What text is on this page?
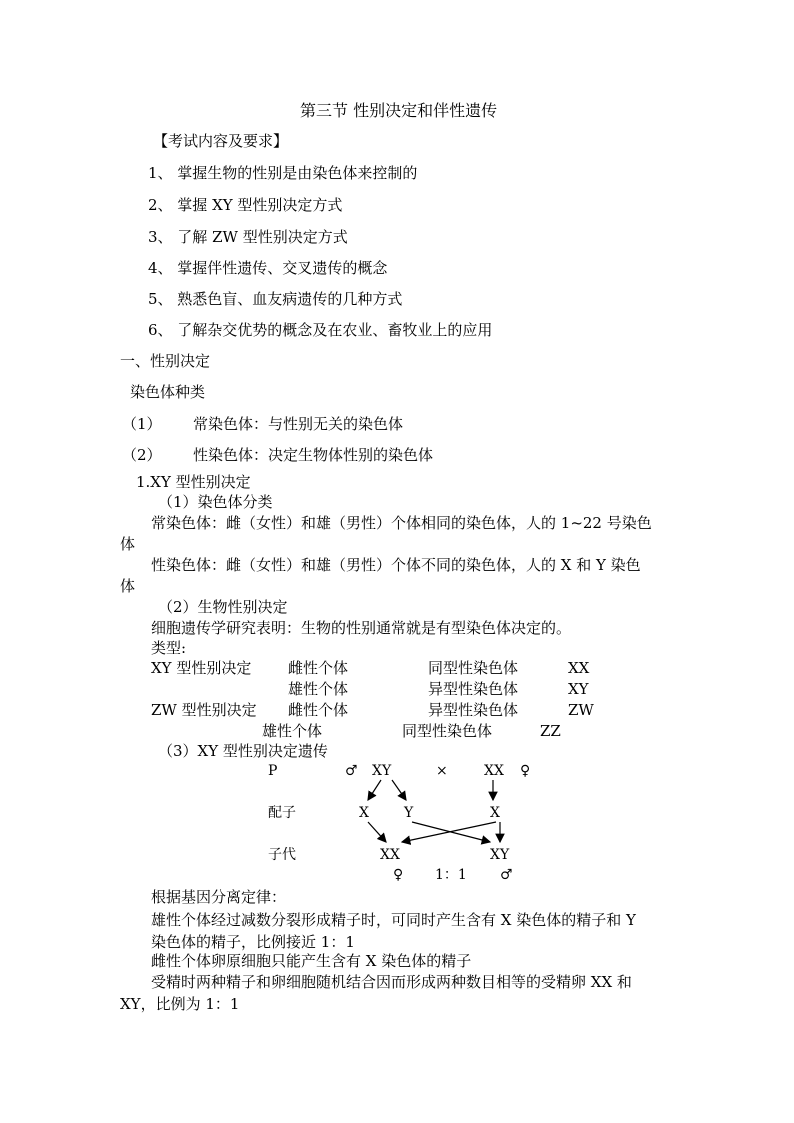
第三节 性别决定和伴性遗传
【考试内容及要求】
1、 掌握生物的性别是由染色体来控制的
2、 掌握 XY 型性别决定方式
3、 了解 ZW 型性别决定方式
4、 掌握伴性遗传、交叉遗传的概念
5、 熟悉色盲、血友病遗传的几种方式
6、 了解杂交优势的概念及在农业、畜牧业上的应用
一、性别决定
染色体种类
（1） 常染色体：与性别无关的染色体
（2） 性染色体：决定生物体性别的染色体
1.XY 型性别决定
（1）染色体分类
常染色体：雌（女性）和雄（男性）个体相同的染色体，人的 1~22 号染色
体
性染色体：雌（女性）和雄（男性）个体不同的染色体，人的 X 和 Y 染色
体
（2）生物性别决定
细胞遗传学研究表明：生物的性别通常就是有型染色体决定的。
类型:
XY 型性别决定 雌性个体	同型性染色体	XX
雄性个体	异型性染色体	XY
ZW 型性别决定 雌性个体	异型性染色体	ZW
雄性个体	同型性染色体	ZZ
（3）XY 型性别决定遗传
P	♂ XY	×	XX ♀
配子	X	Y	X
子代	XX	XY
♀ 1：1 ♂
根据基因分离定律：
雄性个体经过减数分裂形成精子时，可同时产生含有 X 染色体的精子和 Y
染色体的精子，比例接近 1：1
雌性个体卵原细胞只能产生含有 X 染色体的精子
受精时两种精子和卵细胞随机结合因而形成两种数目相等的受精卵 XX 和
XY，比例为 1：1
